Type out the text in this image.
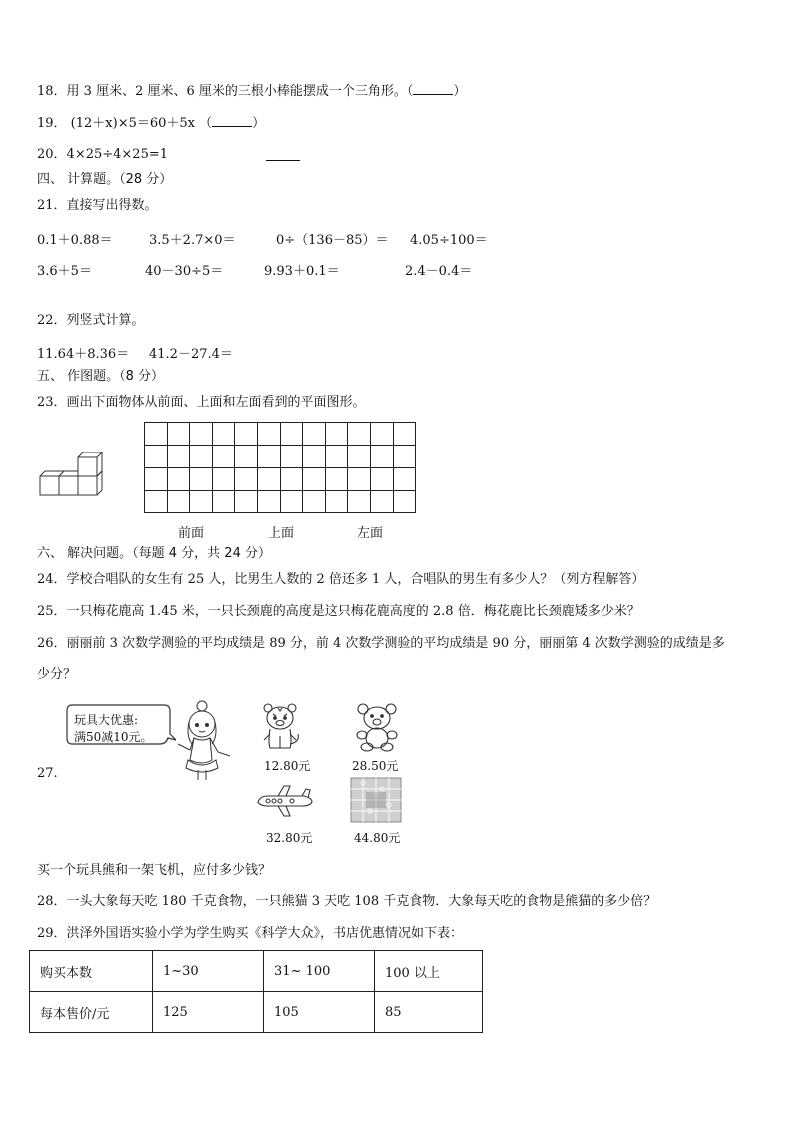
18．用 3 厘米、2 厘米、6 厘米的三根小棒能摆成一个三角形。（	）
19． (12＋x)×5＝60＋5x （	）
20．4×25÷4×25=1
四、 计算题。（28 分）
21．直接写出得数。
0.1＋0.88＝	3.5＋2.7×0＝	0÷（136－85）＝ 4.05÷100＝
3.6＋5＝	40－30÷5＝	9.93＋0.1＝	2.4－0.4＝
22．列竖式计算。
11.64＋8.36＝ 41.2－27.4＝
五、 作图题。（8 分）
23．画出下面物体从前面、上面和左面看到的平面图形。

前面	上面	左面
六、 解决问题。（每题 4 分，共 24 分）
24．学校合唱队的女生有 25 人，比男生人数的 2 倍还多 1 人，合唱队的男生有多少人？（列方程解答）
25．一只梅花鹿高 1.45 米，一只长颈鹿的高度是这只梅花鹿高度的 2.8 倍．梅花鹿比长颈鹿矮多少米？
26．丽丽前 3 次数学测验的平均成绩是 89 分，前 4 次数学测验的平均成绩是 90 分，丽丽第 4 次数学测验的成绩是多
少分？
27.
玩具大优惠:
满50减10元。
12.80元	28.50元
32.80元	44.80元
买一个玩具熊和一架飞机，应付多少钱？
28．一头大象每天吃 180 千克食物，一只熊猫 3 天吃 108 千克食物．大象每天吃的食物是熊猫的多少倍？
29．洪泽外国语实验小学为学生购买《科学大众》，书店优惠情况如下表：
购买本数	1~30	31~ 100	100 以上
每本售价/元	125	105	85
